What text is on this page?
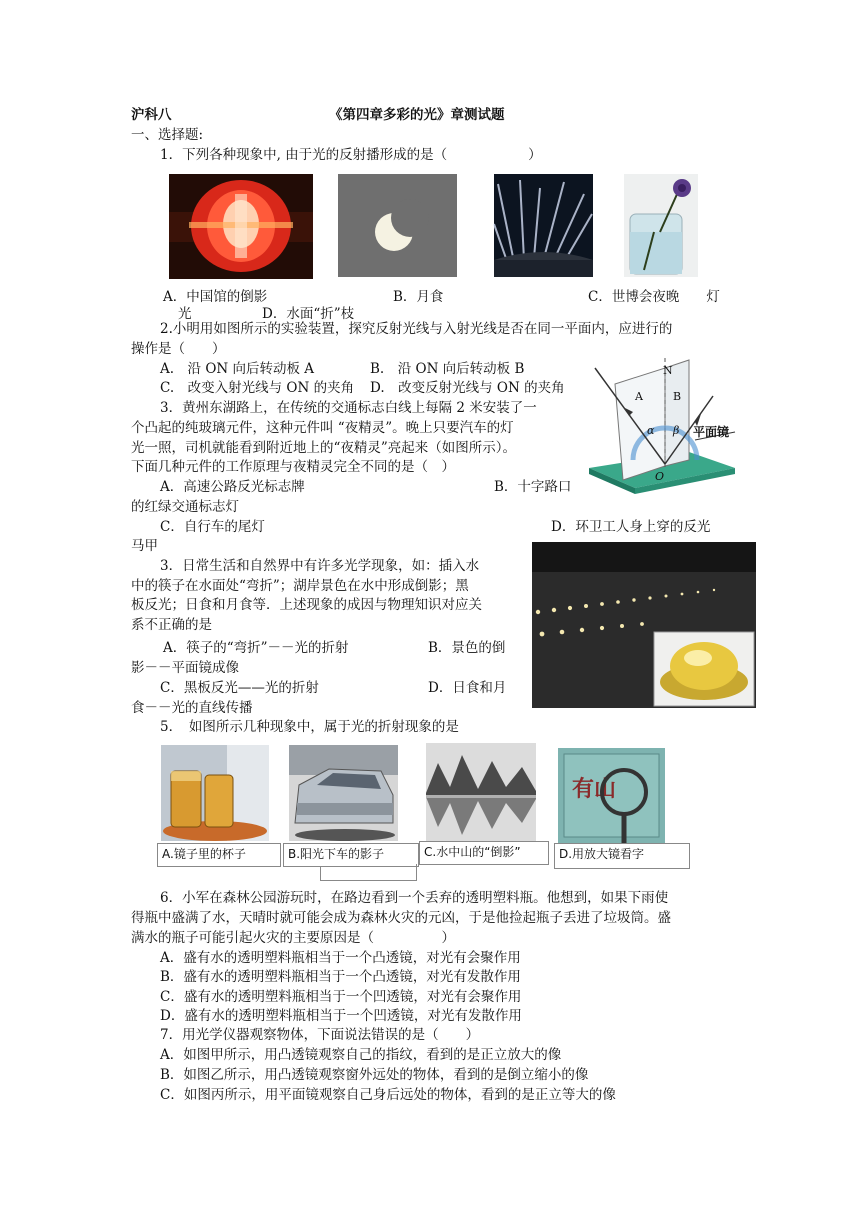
沪科八	《第四章多彩的光》章测试题
一、选择题:
1．下列各种现象中, 由于光的反射播形成的是（　　　　　　）
A．中国馆的倒影	B．月食	C．世博会夜晚　　灯
光	D．水面“折”枝
2.小明用如图所示的实验装置，探究反射光线与入射光线是否在同一平面内，应进行的
操作是（　　）
A.　沿 ON 向后转动板 A	B.　沿 ON 向后转动板 B
C.　改变入射光线与 ON 的夹角 D.　改变反射光线与 ON 的夹角
N
A	B
α β
O
平面镜
3．黄州东湖路上，在传统的交通标志白线上每隔 2 米安装了一
个凸起的纯玻璃元件，这种元件叫 “夜精灵”。晚上只要汽车的灯
光一照，司机就能看到附近地上的“夜精灵”亮起来（如图所示）。
下面几种元件的工作原理与夜精灵完全不同的是（　）
A．高速公路反光标志牌	B．十字路口
的红绿交通标志灯
C．自行车的尾灯	D．环卫工人身上穿的反光
马甲
3．日常生活和自然界中有许多光学现象，如：插入水
中的筷子在水面处“弯折”；湖岸景色在水中形成倒影；黑
板反光；日食和月食等．上述现象的成因与物理知识对应关
系不正确的是
A．筷子的“弯折”－－光的折射	B．景色的倒
影－－平面镜成像
C．黑板反光——光的折射	D．日食和月
食－－光的直线传播
5．　如图所示几种现象中，属于光的折射现象的是
有山
A.镜子里的杯子	B.阳光下车的影子	C.水中山的“倒影”	D.用放大镜看字
6．小军在森林公园游玩时，在路边看到一个丢弃的透明塑料瓶。他想到，如果下雨使
得瓶中盛满了水，天晴时就可能会成为森林火灾的元凶，于是他捡起瓶子丢进了垃圾筒。盛
满水的瓶子可能引起火灾的主要原因是（　　　　　）
A．盛有水的透明塑料瓶相当于一个凸透镜，对光有会聚作用
B．盛有水的透明塑料瓶相当于一个凸透镜，对光有发散作用
C．盛有水的透明塑料瓶相当于一个凹透镜，对光有会聚作用
D．盛有水的透明塑料瓶相当于一个凹透镜，对光有发散作用
7．用光学仪器观察物体，下面说法错误的是（　　）
A．如图甲所示，用凸透镜观察自己的指纹，看到的是正立放大的像
B．如图乙所示，用凸透镜观察窗外远处的物体，看到的是倒立缩小的像
C．如图丙所示，用平面镜观察自己身后远处的物体，看到的是正立等大的像
